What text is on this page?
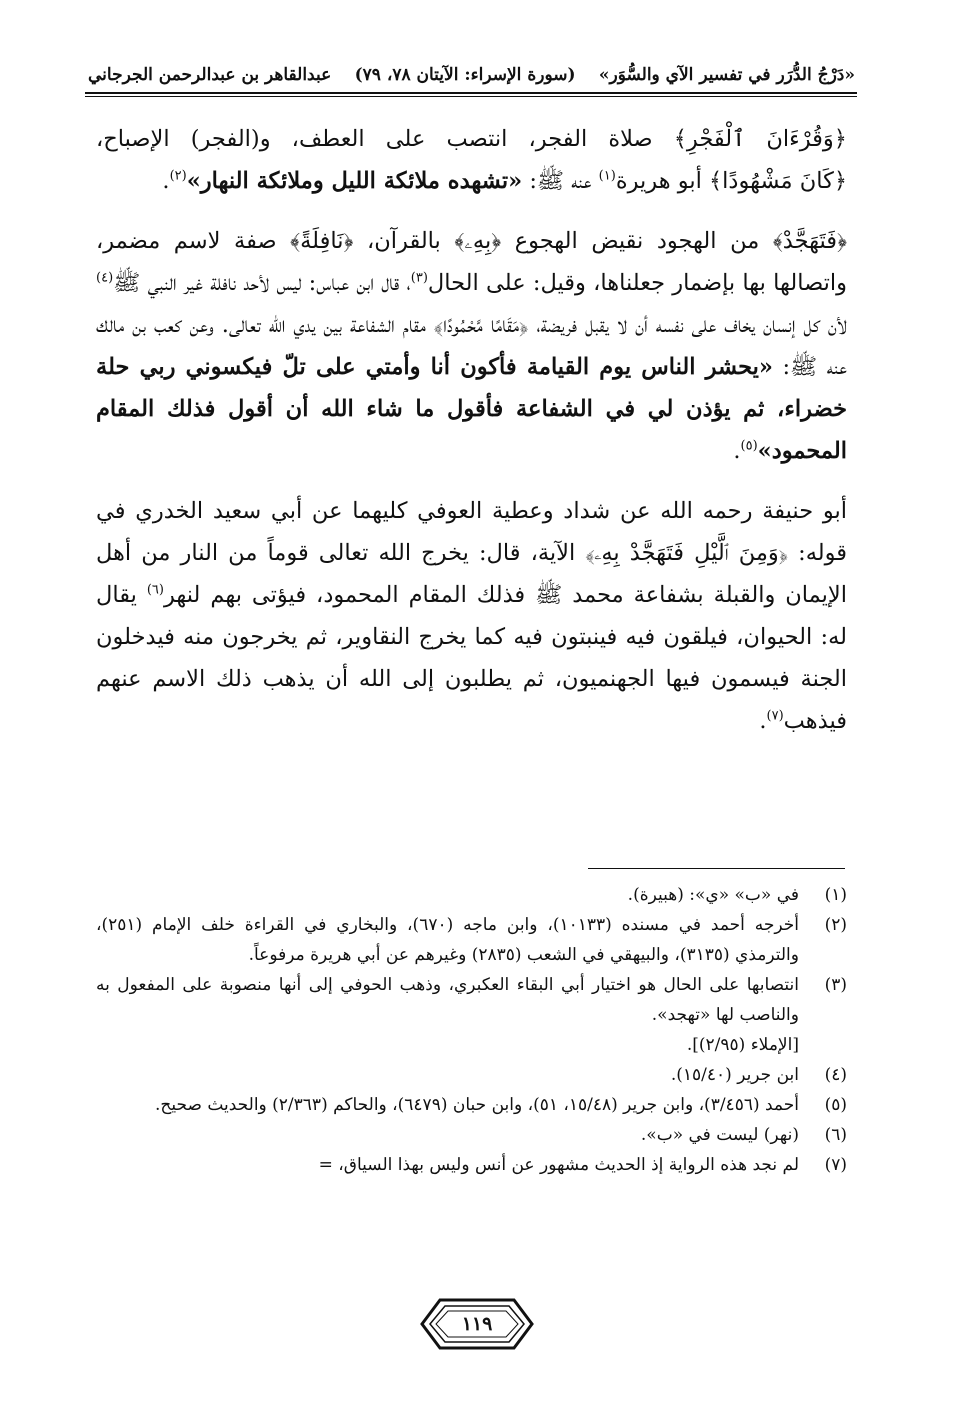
«دَرْجُ الدُّرَر في تفسير الآي والسُّوَر»
(سورة الإسراء: الآيتان ٧٨، ٧٩)
عبدالقاهر بن عبدالرحمن الجرجاني

﴿وَقُرْءَانَ ٱلْفَجْرِ﴾ صلاة الفجر، انتصب على العطف، و(الفجر) الإصباح، ﴿كَانَ مَشْهُودًا﴾ أبو هريرة$^{(١)}$ عنه ﷺ: «تشهده ملائكة الليل وملائكة النهار»$^{(٢)}$.

﴿فَتَهَجَّدْ﴾ من الهجود نقيض الهجوع ﴿بِهِۦ﴾ بالقرآن، ﴿نَافِلَةً﴾ صفة لاسم مضمر، واتصالها بها بإضمار جعلناها، وقيل: على الحال$^{(٣)}$، قال ابن عباس: ليس لأحد نافلة غير النبي ﷺ$^{(٤)}$ لأن كل إنسان يخاف على نفسه أن لا يقبل فريضة، ﴿مَقَامًا مَّحْمُودًا﴾ مقام الشفاعة بين يدي الله تعالى. وعن كعب بن مالك عنه ﷺ: «يحشر الناس يوم القيامة فأكون أنا وأمتي على تلّ فيكسوني ربي حلة خضراء، ثم يؤذن لي في الشفاعة فأقول ما شاء الله أن أقول فذلك المقام المحمود»$^{(٥)}$.

أبو حنيفة رحمه الله عن شداد وعطية العوفي كليهما عن أبي سعيد الخدري في قوله: ﴿وَمِنَ ٱلَّيْلِ فَتَهَجَّدْ بِهِۦ﴾ الآية، قال: يخرج الله تعالى قوماً من النار من أهل الإيمان والقبلة بشفاعة محمد ﷺ فذلك المقام المحمود، فيؤتى بهم لنهر$^{(٦)}$ يقال له: الحيوان، فيلقون فيه فينبتون فيه كما يخرج النقاوير، ثم يخرجون منه فيدخلون الجنة فيسمون فيها الجهنميون، ثم يطلبون إلى الله أن يذهب ذلك الاسم عنهم فيذهب$^{(٧)}$.

(١)
في «ب» «ي»: (هبيرة).
(٢)
أخرجه أحمد في مسنده (١٠١٣٣)، وابن ماجه (٦٧٠)، والبخاري في القراءة خلف الإمام (٢٥١)، والترمذي (٣١٣٥)، والبيهقي في الشعب (٢٨٣٥) وغيرهم عن أبي هريرة مرفوعاً.
(٣)
انتصابها على الحال هو اختيار أبي البقاء العكبري، وذهب الحوفي إلى أنها منصوبة على المفعول به والناصب لها «تهجد».
[الإملاء (٢/٩٥)].
(٤)
ابن جرير (١٥/٤٠).
(٥)
أحمد (٣/٤٥٦)، وابن جرير (١٥/٤٨، ٥١)، وابن حبان (٦٤٧٩)، والحاكم (٢/٣٦٣) والحديث صحيح.
(٦)
(نهر) ليست في «ب».
(٧)
لم نجد هذه الرواية إذ الحديث مشهور عن أنس وليس بهذا السياق، =
١١٩
